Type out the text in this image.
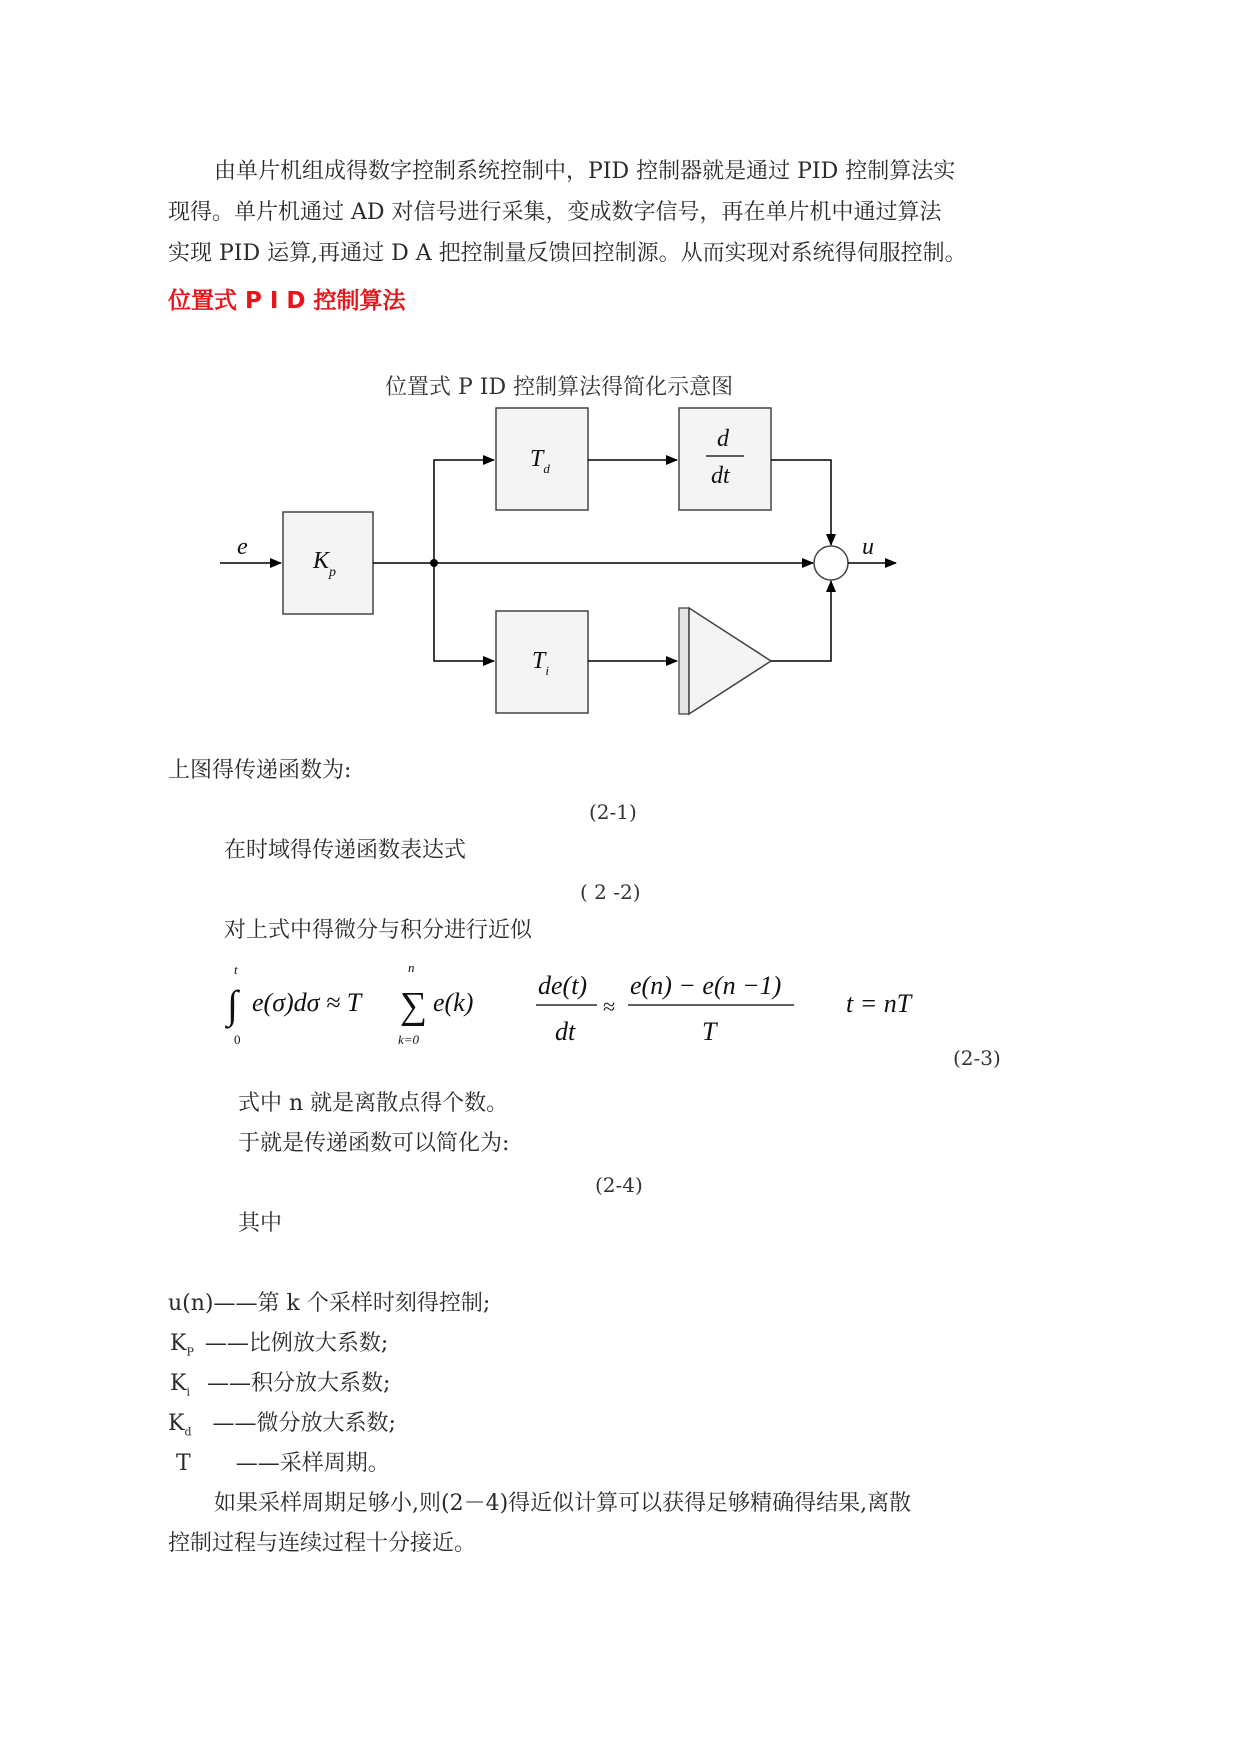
由单片机组成得数字控制系统控制中，PID 控制器就是通过 PID 控制算法实
现得。单片机通过 AD 对信号进行采集，变成数字信号，再在单片机中通过算法
实现 PID 运算,再通过 D A 把控制量反馈回控制源。从而实现对系统得伺服控制。
位置式 P I D 控制算法
位置式 P ID 控制算法得简化示意图
e
$K_p$
$T_d$
d
dt
$T_i$
u
上图得传递函数为:
(2-1)
在时域得传递函数表达式
( 2 -2)
对上式中得微分与积分进行近似
∫
t
0
e(σ)dσ ≈ T ∑
n
k=0
e(k)
de(t)
dt
≈
e(n) − e(n −1)
T
t = nT
(2-3)
式中 n 就是离散点得个数。
于就是传递函数可以简化为:
(2-4)
其中
u(n)——第 k 个采样时刻得控制;
$K_P$ ——比例放大系数;
$K_i$ ——积分放大系数;
$K_d$ ——微分放大系数;
T ——采样周期。
如果采样周期足够小,则(2－4)得近似计算可以获得足够精确得结果,离散
控制过程与连续过程十分接近。
